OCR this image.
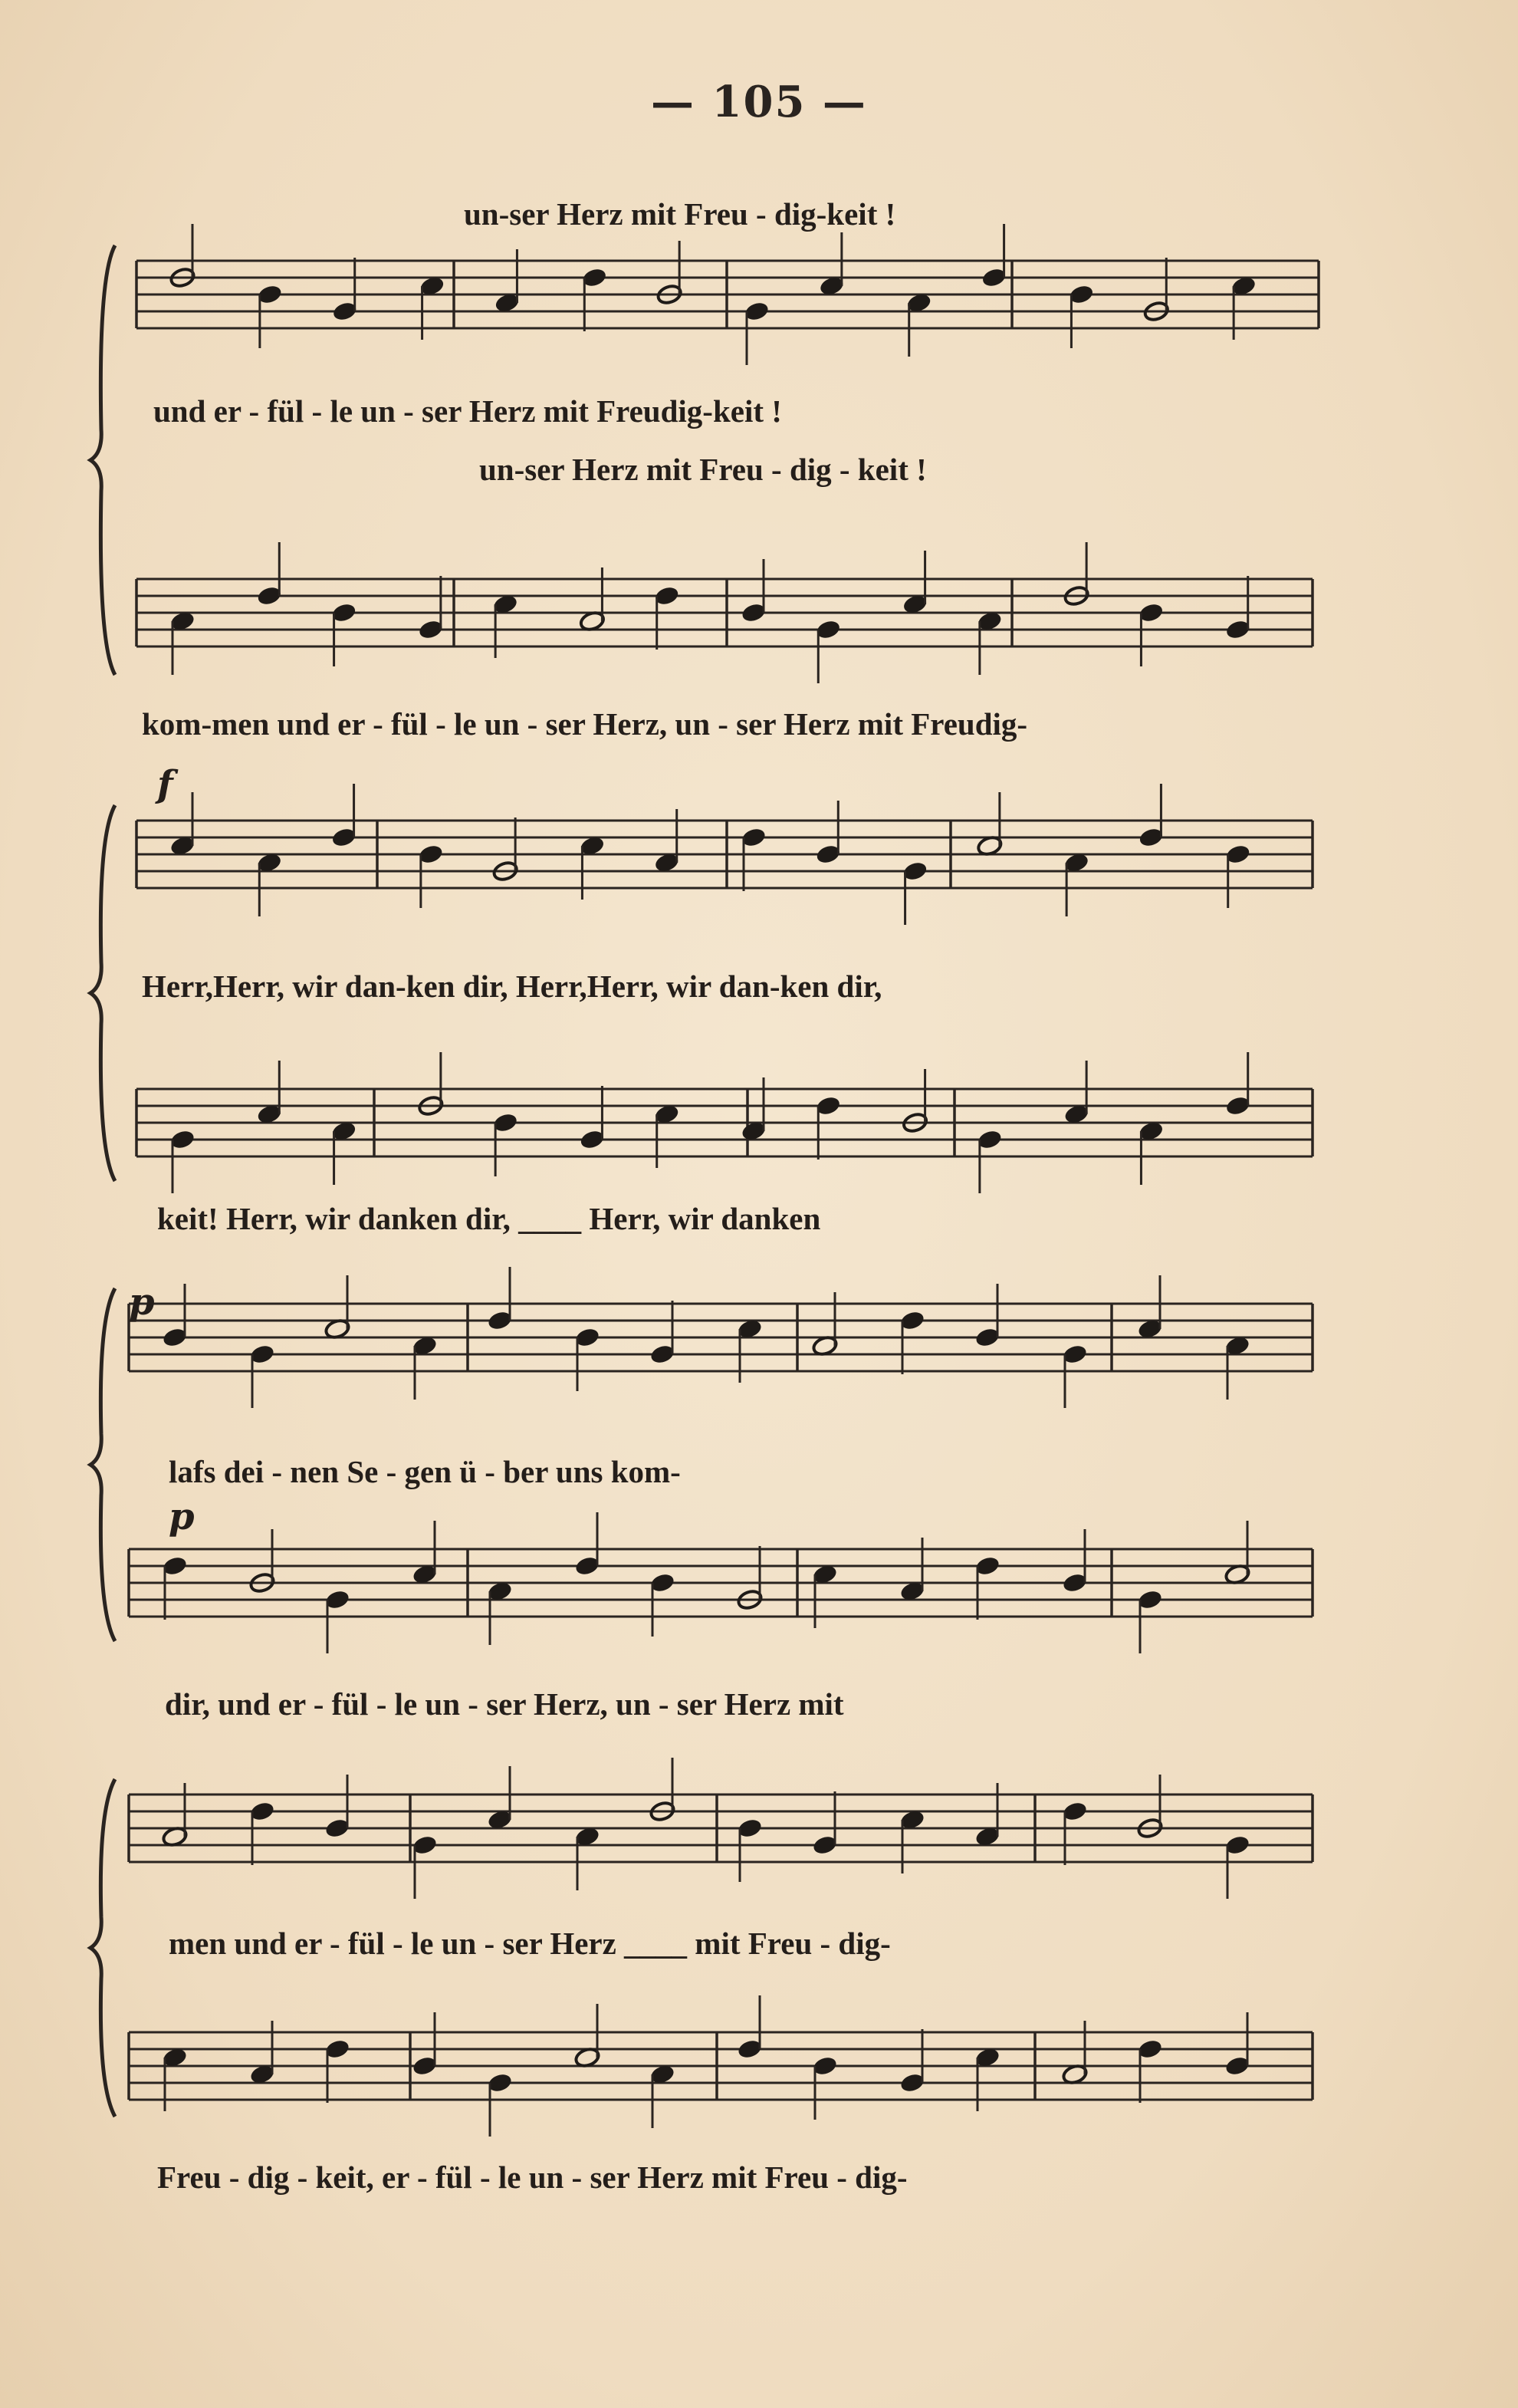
— 105 —
un-ser Herz mit Freu - dig-keit !
und er - fül - le un - ser Herz mit Freudig-keit !
un-ser Herz mit Freu - dig - keit !
kom-men und er - fül - le un - ser Herz, un - ser Herz mit Freudig-
f
Herr,Herr, wir dan-ken dir, Herr,Herr, wir dan-ken dir,
keit! Herr, wir danken dir, ____ Herr, wir danken
p
lafs dei - nen Se - gen ü - ber uns kom-
p
dir, und er - fül - le un - ser Herz, un - ser Herz mit
men und er - fül - le un - ser Herz ____ mit Freu - dig-
Freu - dig - keit, er - fül - le un - ser Herz mit Freu - dig-
